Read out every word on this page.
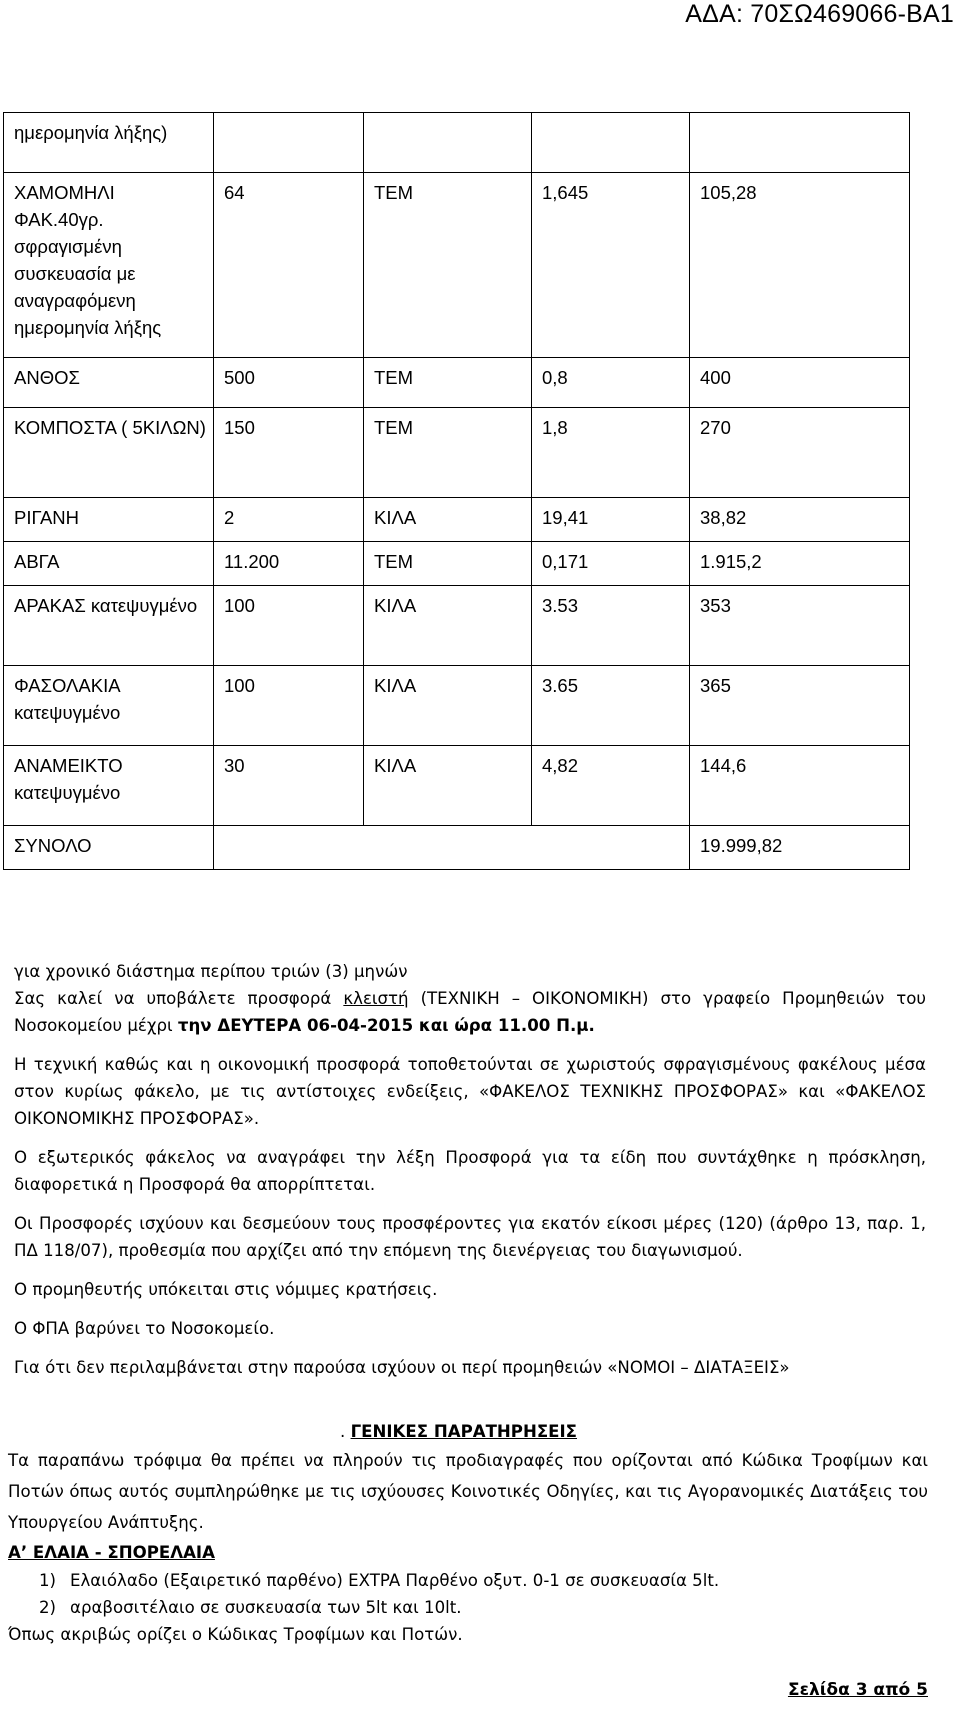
ΑΔΑ: 70ΣΩ469066-ΒΑ1
ημερομηνία λήξης)				
ΧΑΜΟΜΗΛΙ ΦΑΚ.40γρ. σφραγισμένη συσκευασία με αναγραφόμενη ημερομηνία λήξης	64	ΤΕΜ	1,645	105,28
ΑΝΘΟΣ	500	ΤΕΜ	0,8	400
ΚΟΜΠΟΣΤΑ ( 5ΚΙΛΩΝ)	150	ΤΕΜ	1,8	270
ΡΙΓΑΝΗ	2	ΚΙΛΑ	19,41	38,82
ΑΒΓΑ	11.200	ΤΕΜ	0,171	1.915,2
ΑΡΑΚΑΣ κατεψυγμένο	100	ΚΙΛΑ	3.53	353
ΦΑΣΟΛΑΚΙΑ κατεψυγμένο	100	ΚΙΛΑ	3.65	365
ΑΝΑΜΕΙΚΤΟ κατεψυγμένο	30	ΚΙΛΑ	4,82	144,6
ΣΥΝΟΛΟ				19.999,82

για χρονικό διάστημα περίπου τριών (3) μηνών

Σας καλεί να υποβάλετε προσφορά κλειστή (ΤΕΧΝΙΚΗ – ΟΙΚΟΝΟΜΙΚΗ) στο γραφείο Προμηθειών του Νοσοκομείου μέχρι την ΔΕΥΤΕΡΑ 06-04-2015 και ώρα 11.00 Π.μ.

Η τεχνική καθώς και η οικονομική προσφορά τοποθετούνται σε χωριστούς σφραγισμένους φακέλους μέσα στον κυρίως φάκελο, με τις αντίστοιχες ενδείξεις, «ΦΑΚΕΛΟΣ ΤΕΧΝΙΚΗΣ ΠΡΟΣΦΟΡΑΣ» και «ΦΑΚΕΛΟΣ ΟΙΚΟΝΟΜΙΚΗΣ ΠΡΟΣΦΟΡΑΣ».

Ο εξωτερικός φάκελος να αναγράφει την λέξη Προσφορά για τα είδη που συντάχθηκε η πρόσκληση, διαφορετικά η Προσφορά θα απορρίπτεται.

Οι Προσφορές ισχύουν και δεσμεύουν τους προσφέροντες για εκατόν είκοσι μέρες (120) (άρθρο 13, παρ. 1, ΠΔ 118/07), προθεσμία που αρχίζει από την επόμενη της διενέργειας του διαγωνισμού.

Ο προμηθευτής υπόκειται στις νόμιμες κρατήσεις.

Ο ΦΠΑ βαρύνει το Νοσοκομείο.

Για ότι δεν περιλαμβάνεται στην παρούσα ισχύουν οι περί προμηθειών «ΝΟΜΟΙ – ΔΙΑΤΑΞΕΙΣ»

. ΓΕΝΙΚΕΣ ΠΑΡΑΤΗΡΗΣΕΙΣ

Τα παραπάνω τρόφιμα θα πρέπει να πληρούν τις προδιαγραφές που ορίζονται από Κώδικα Τροφίμων και Ποτών όπως αυτός συμπληρώθηκε με τις ισχύουσες Κοινοτικές Οδηγίες, και τις Αγορανομικές Διατάξεις του Υπουργείου Ανάπτυξης.

Α’ ΕΛΑΙΑ - ΣΠΟΡΕΛΑΙΑ

1) Ελαιόλαδο (Εξαιρετικό παρθένο) EXTPA Παρθένο οξυτ. 0-1 σε συσκευασία 5lt.

2) αραβοσιτέλαιο σε συσκευασία των 5lt και 10lt.

Όπως ακριβώς ορίζει ο Κώδικας Τροφίμων και Ποτών.

Σελίδα 3 από 5
